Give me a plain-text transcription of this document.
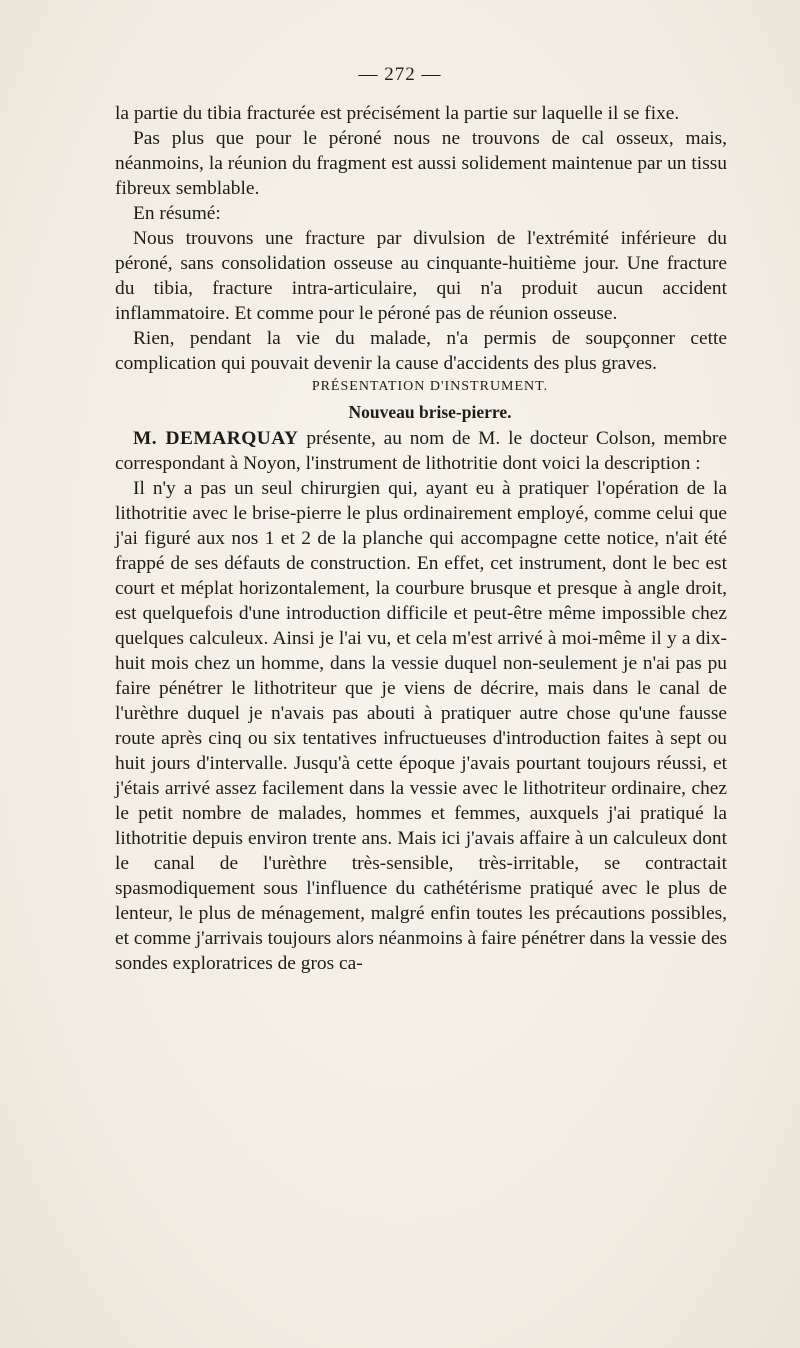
— 272 —

la partie du tibia fracturée est précisément la partie sur laquelle il se fixe.

Pas plus que pour le péroné nous ne trouvons de cal osseux, mais, néanmoins, la réunion du fragment est aussi solidement maintenue par un tissu fibreux semblable.

En résumé:

Nous trouvons une fracture par divulsion de l'extrémité inférieure du péroné, sans consolidation osseuse au cinquante-huitième jour. Une fracture du tibia, fracture intra-articulaire, qui n'a produit aucun accident inflammatoire. Et comme pour le péroné pas de réunion osseuse.

Rien, pendant la vie du malade, n'a permis de soupçonner cette complication qui pouvait devenir la cause d'accidents des plus graves.

PRÉSENTATION D'INSTRUMENT.

Nouveau brise-pierre.

M. DEMARQUAY présente, au nom de M. le docteur Colson, membre correspondant à Noyon, l'instrument de lithotritie dont voici la description :

Il n'y a pas un seul chirurgien qui, ayant eu à pratiquer l'opération de la lithotritie avec le brise-pierre le plus ordinairement employé, comme celui que j'ai figuré aux nos 1 et 2 de la planche qui accompagne cette notice, n'ait été frappé de ses défauts de construction. En effet, cet instrument, dont le bec est court et méplat horizontalement, la courbure brusque et presque à angle droit, est quelquefois d'une introduction difficile et peut-être même impossible chez quelques calculeux. Ainsi je l'ai vu, et cela m'est arrivé à moi-même il y a dix-huit mois chez un homme, dans la vessie duquel non-seulement je n'ai pas pu faire pénétrer le lithotriteur que je viens de décrire, mais dans le canal de l'urèthre duquel je n'avais pas abouti à pratiquer autre chose qu'une fausse route après cinq ou six tentatives infructueuses d'introduction faites à sept ou huit jours d'intervalle. Jusqu'à cette époque j'avais pourtant toujours réussi, et j'étais arrivé assez facilement dans la vessie avec le lithotriteur ordinaire, chez le petit nombre de malades, hommes et femmes, auxquels j'ai pratiqué la lithotritie depuis environ trente ans. Mais ici j'avais affaire à un calculeux dont le canal de l'urèthre très-sensible, très-irritable, se contractait spasmodiquement sous l'influence du cathétérisme pratiqué avec le plus de lenteur, le plus de ménagement, malgré enfin toutes les précautions possibles, et comme j'arrivais toujours alors néanmoins à faire pénétrer dans la vessie des sondes exploratrices de gros ca-
